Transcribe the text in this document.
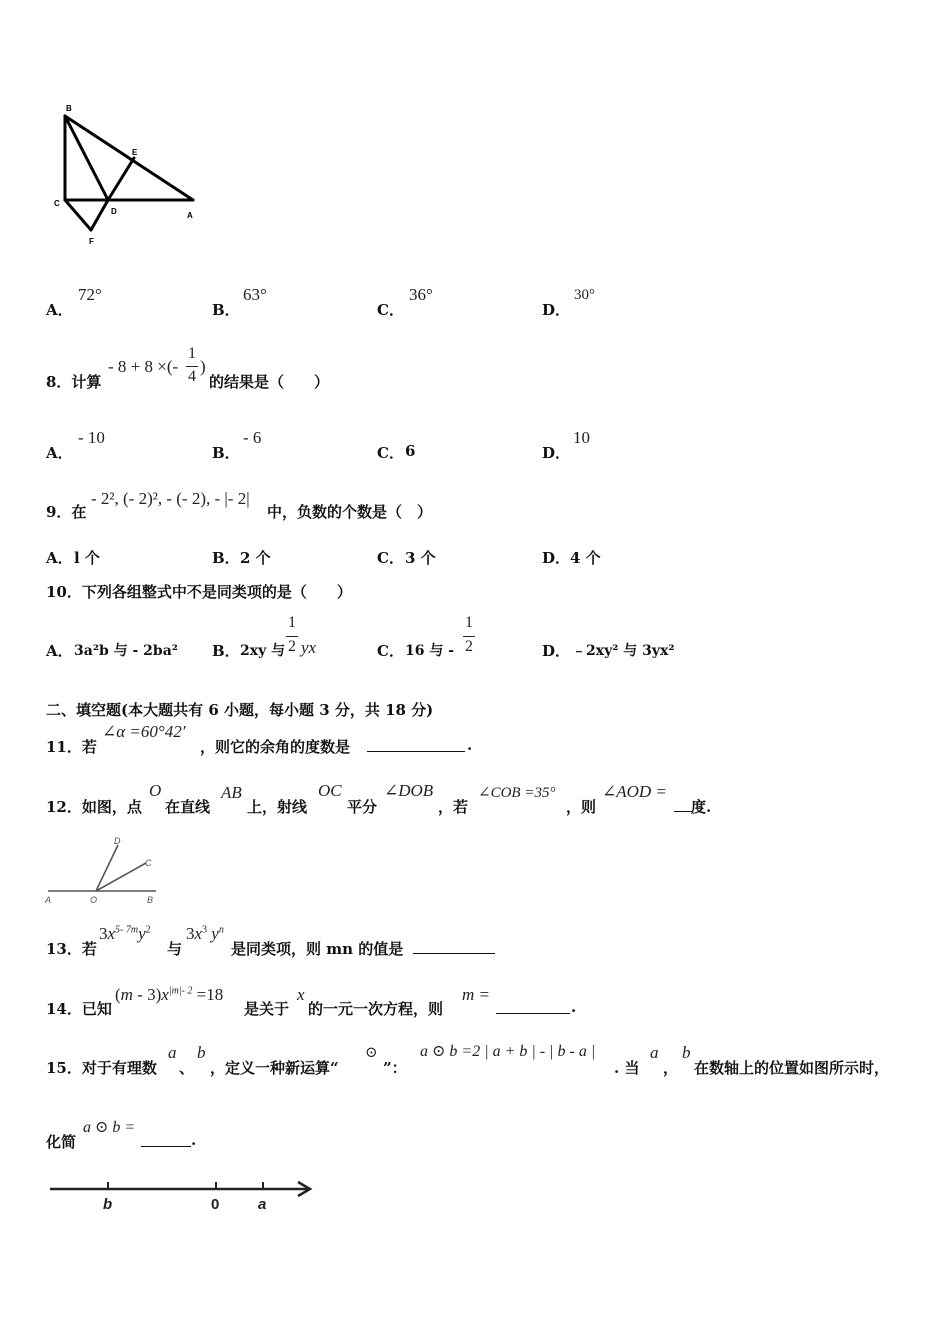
B
E
C
D	A
F
A．
72°
B．
63°
C．
36°
D．
30°
8．计算
- 8 + 8 ×(-
1
4
)
的结果是（　　）
A．
- 10
B．
- 6
C． 6	D．
10
9．在
- 2², (- 2)², - (- 2), - |- 2|
中，负数的个数是（　）
A． l 个	B． 2 个	C． 3 个	D． 4 个
10．下列各组整式中不是同类项的是（　　）
A． 3a²b 与 - 2ba² B． 2xy 与
1
2 yx	C． 16 与 -
1
2	D． ﹣2xy² 与 3yx²
二、填空题(本大题共有 6 小题，每小题 3 分，共 18 分)
11．若
∠α =60°42′
，则它的余角的度数是	.
12．如图，点
O
在直线
AB
上，射线
OC
平分
∠DOB
，若
∠COB =35°
，则
∠AOD =
度.
D
C
A	O	B
13．若
$3x^{5- 7m}y^2$
与
$3x^3$ $y^n$
是同类项，则 mn 的值是
14．已知
$(m - 3)x^{|m|- 2} =18$
是关于
x
的一元一次方程，则
m =
.
15．对于有理数
a
、
b
，定义一种新运算“
⊙
”：
a ⊙ b =2 | a + b | - | b - a |
. 当
a
，
b
在数轴上的位置如图所示时，
化简
a ⊙ b =
.
b	0	a
